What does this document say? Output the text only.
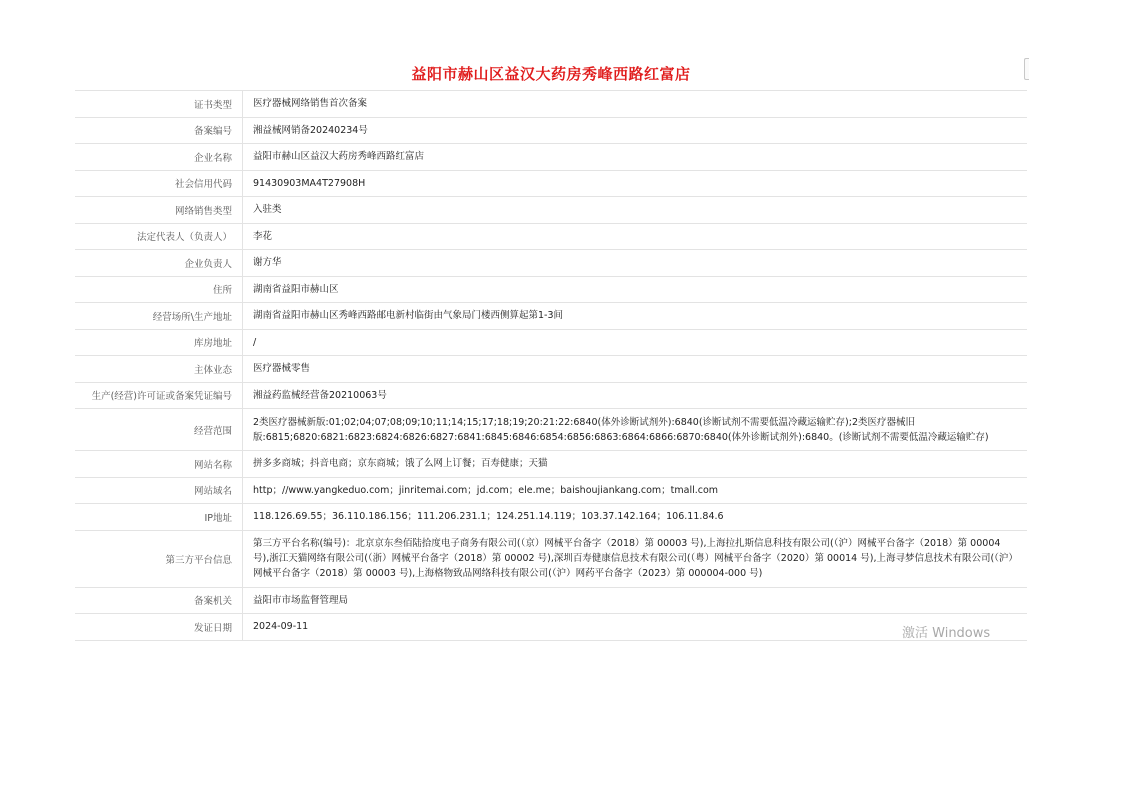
益阳市赫山区益汉大药房秀峰西路红富店
证书类型	医疗器械网络销售首次备案
备案编号	湘益械网销备20240234号
企业名称	益阳市赫山区益汉大药房秀峰西路红富店
社会信用代码	91430903MA4T27908H
网络销售类型	入驻类
法定代表人（负责人）	李花
企业负责人	谢方华
住所	湖南省益阳市赫山区
经营场所\生产地址	湖南省益阳市赫山区秀峰西路邮电新村临街由气象局门楼西侧算起第1-3间
库房地址	/
主体业态	医疗器械零售
生产(经营)许可证或备案凭证编号	湘益药监械经营备20210063号
经营范围	2类医疗器械新版:01;02;04;07;08;09;10;11;14;15;17;18;19;20:21:22:6840(体外诊断试剂外):6840(诊断试剂不需要低温冷藏运输贮存);2类医疗器械旧版:6815;6820:6821:6823:6824:6826:6827:6841:6845:6846:6854:6856:6863:6864:6866:6870:6840(体外诊断试剂外):6840。(诊断试剂不需要低温冷藏运输贮存)
网站名称	拼多多商城；抖音电商；京东商城；饿了么网上订餐；百寿健康；天猫
网站域名	http；//www.yangkeduo.com；jinritemai.com；jd.com；ele.me；baishoujiankang.com；tmall.com
IP地址	118.126.69.55；36.110.186.156；111.206.231.1；124.251.14.119；103.37.142.164；106.11.84.6
第三方平台信息	第三方平台名称(编号)：北京京东叁佰陆拾度电子商务有限公司(（京）网械平台备字（2018）第 00003 号),上海拉扎斯信息科技有限公司(（沪）网械平台备字（2018）第 00004 号),浙江天猫网络有限公司(（浙）网械平台备字（2018）第 00002 号),深圳百寿健康信息技术有限公司(（粤）网械平台备字（2020）第 00014 号),上海寻梦信息技术有限公司(（沪）网械平台备字（2018）第 00003 号),上海格物致品网络科技有限公司(（沪）网药平台备字（2023）第 000004-000 号)
备案机关	益阳市市场监督管理局
发证日期	2024-09-11	激活 Windows
